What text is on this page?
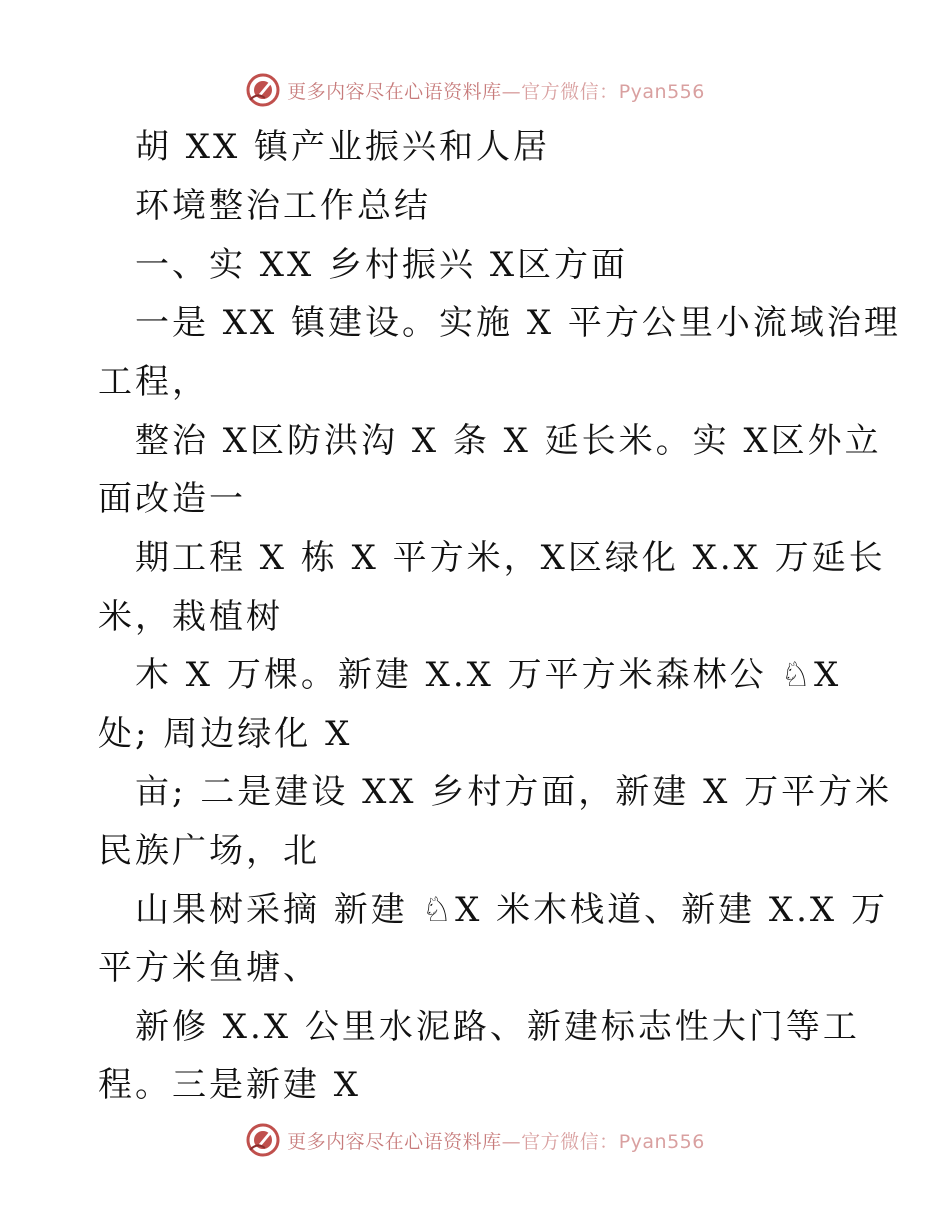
更多内容尽在心语资料库—官方微信：Pyan556
胡 XX 镇产业振兴和人居
环境整治工作总结
一、实 XX 乡村振兴 X区方面
一是 XX 镇建设。实施 X 平方公里小流域治理
工程，
整治 X区防洪沟 X 条 X 延长米。实 X区外立
面改造一
期工程 X 栋 X 平方米，X区绿化 X.X 万延长
米，栽植树
木 X 万棵。新建 X.X 万平方米森林公 ♘X
处; 周边绿化 X
亩; 二是建设 XX 乡村方面，新建 X 万平方米
民族广场，北
山果树采摘 新建 ♘X 米木栈道、新建 X.X 万
平方米鱼塘、
新修 X.X 公里水泥路、新建标志性大门等工
程。三是新建 X
更多内容尽在心语资料库—官方微信：Pyan556
